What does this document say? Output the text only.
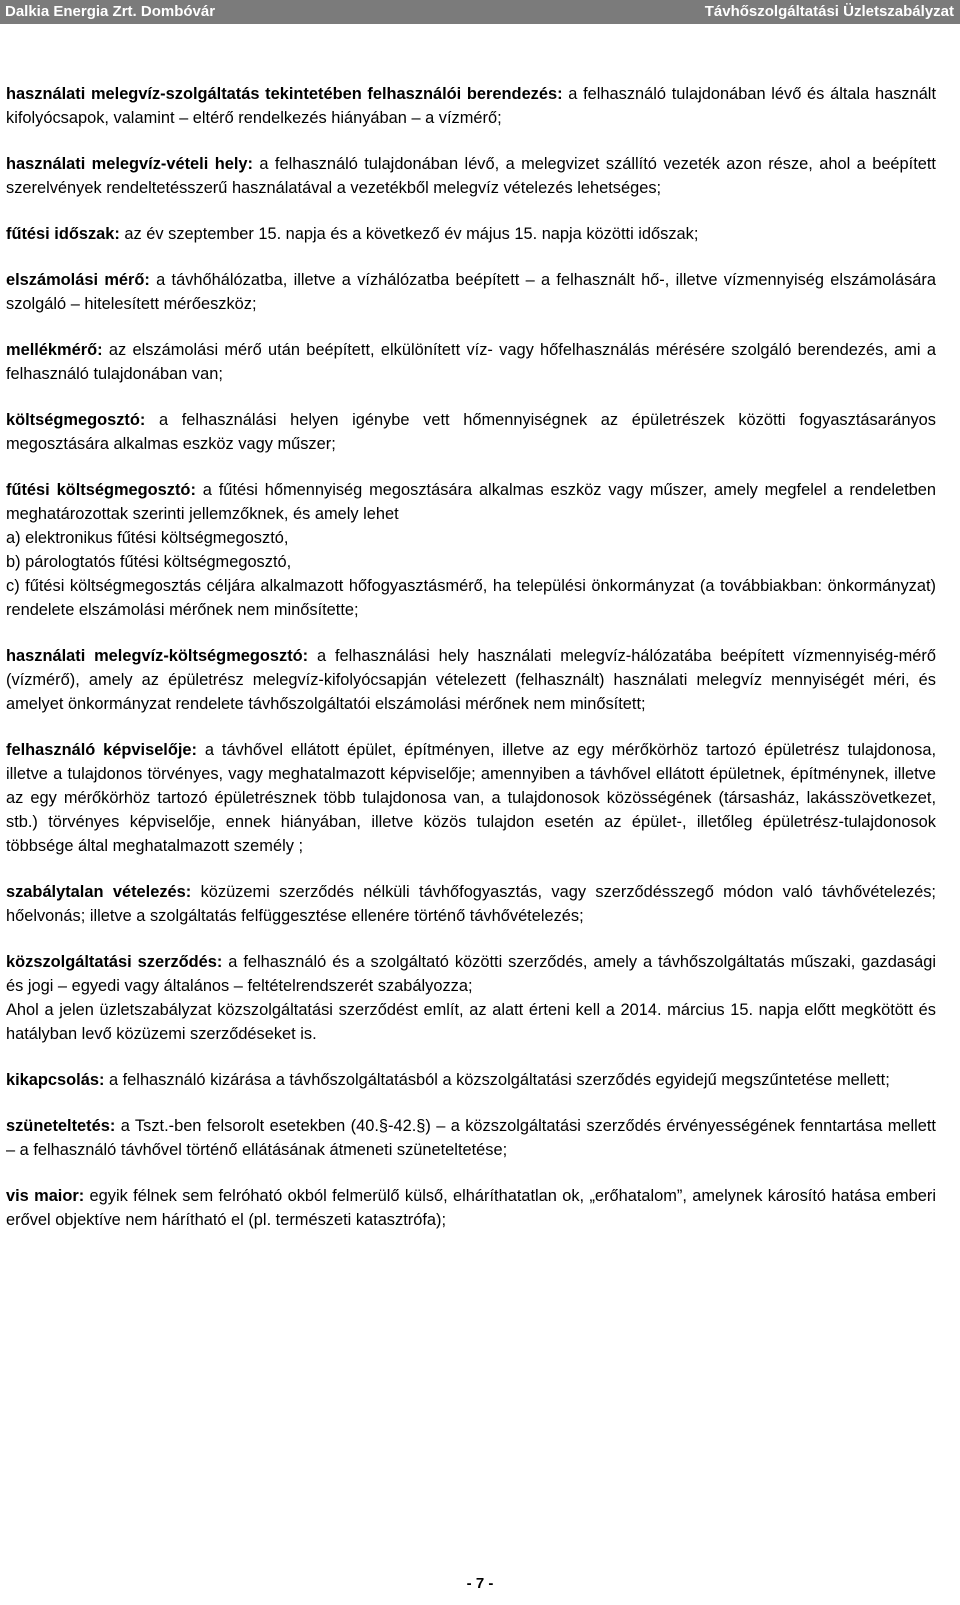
Dalkia Energia Zrt. Dombóvár	Távhőszolgáltatási Üzletszabályzat

használati melegvíz-szolgáltatás tekintetében felhasználói berendezés: a felhasználó tulajdonában lévő és általa használt kifolyócsapok, valamint – eltérő rendelkezés hiányában – a vízmérő;

használati melegvíz-vételi hely: a felhasználó tulajdonában lévő, a melegvizet szállító vezeték azon része, ahol a beépített szerelvények rendeltetésszerű használatával a vezetékből melegvíz vételezés lehetséges;

fűtési időszak: az év szeptember 15. napja és a következő év május 15. napja közötti időszak;

elszámolási mérő: a távhőhálózatba, illetve a vízhálózatba beépített – a felhasznált hő-, illetve vízmennyiség elszámolására szolgáló – hitelesített mérőeszköz;

mellékmérő: az elszámolási mérő után beépített, elkülönített víz- vagy hőfelhasználás mérésére szolgáló berendezés, ami a felhasználó tulajdonában van;

költségmegosztó: a felhasználási helyen igénybe vett hőmennyiségnek az épületrészek közötti fogyasztásarányos megosztására alkalmas eszköz vagy műszer;

fűtési költségmegosztó: a fűtési hőmennyiség megosztására alkalmas eszköz vagy műszer, amely megfelel a rendeletben meghatározottak szerinti jellemzőknek, és amely lehet
a) elektronikus fűtési költségmegosztó,
b) párologtatós fűtési költségmegosztó,
c) fűtési költségmegosztás céljára alkalmazott hőfogyasztásmérő, ha települési önkormányzat (a továbbiakban: önkormányzat) rendelete elszámolási mérőnek nem minősítette;

használati melegvíz-költségmegosztó: a felhasználási hely használati melegvíz-hálózatába beépített vízmennyiség-mérő (vízmérő), amely az épületrész melegvíz-kifolyócsapján vételezett (felhasznált) használati melegvíz mennyiségét méri, és amelyet önkormányzat rendelete távhőszolgáltatói elszámolási mérőnek nem minősített;

felhasználó képviselője: a távhővel ellátott épület, építményen, illetve az egy mérőkörhöz tartozó épületrész tulajdonosa, illetve a tulajdonos törvényes, vagy meghatalmazott képviselője; amennyiben a távhővel ellátott épületnek, építménynek, illetve az egy mérőkörhöz tartozó épületrésznek több tulajdonosa van, a tulajdonosok közösségének (társasház, lakásszövetkezet, stb.) törvényes képviselője, ennek hiányában, illetve közös tulajdon esetén az épület-, illetőleg épületrész-tulajdonosok többsége által meghatalmazott személy ;

szabálytalan vételezés: közüzemi szerződés nélküli távhőfogyasztás, vagy szerződésszegő módon való távhővételezés; hőelvonás; illetve a szolgáltatás felfüggesztése ellenére történő távhővételezés;

közszolgáltatási szerződés: a felhasználó és a szolgáltató közötti szerződés, amely a távhőszolgáltatás műszaki, gazdasági és jogi – egyedi vagy általános – feltételrendszerét szabályozza;
Ahol a jelen üzletszabályzat közszolgáltatási szerződést említ, az alatt érteni kell a 2014. március 15. napja előtt megkötött és hatályban levő közüzemi szerződéseket is.

kikapcsolás: a felhasználó kizárása a távhőszolgáltatásból a közszolgáltatási szerződés egyidejű megszűntetése mellett;

szüneteltetés: a Tszt.-ben felsorolt esetekben (40.§-42.§) – a közszolgáltatási szerződés érvényességének fenntartása mellett – a felhasználó távhővel történő ellátásának átmeneti szüneteltetése;

vis maior: egyik félnek sem felróható okból felmerülő külső, elháríthatatlan ok, „erőhatalom”, amelynek károsító hatása emberi erővel objektíve nem hárítható el (pl. természeti katasztrófa);

- 7 -
